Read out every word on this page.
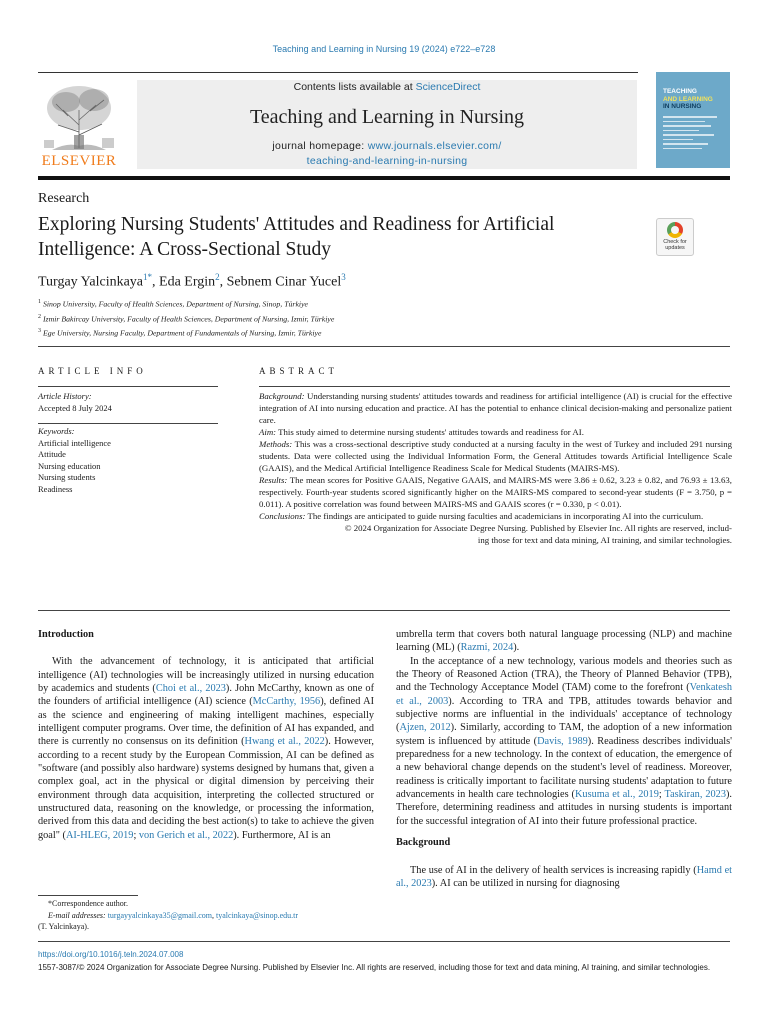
Teaching and Learning in Nursing 19 (2024) e722–e728
ELSEVIER
Contents lists available at ScienceDirect
Teaching and Learning in Nursing
journal homepage: www.journals.elsevier.com/
teaching-and-learning-in-nursing
TEACHING
AND LEARNING
IN NURSING
Research
Exploring Nursing Students' Attitudes and Readiness for Artificial Intelligence: A Cross-Sectional Study	Check for updates
Turgay Yalcinkaya$^{1*}$, Eda Ergin$^2$, Sebnem Cinar Yucel$^3$
$^1$ Sinop University, Faculty of Health Sciences, Department of Nursing, Sinop, Türkiye
$^2$ Izmir Bakircay University, Faculty of Health Sciences, Department of Nursing, Izmir, Türkiye
$^3$ Ege University, Nursing Faculty, Department of Fundamentals of Nursing, Izmir, Türkiye
ARTICLE INFO	ABSTRACT
Article History:
Accepted 8 July 2024
Keywords:
Artificial intelligence
Attitude
Nursing education
Nursing students
Readiness

Background: Understanding nursing students' attitudes towards and readiness for artificial intelligence (AI) is crucial for the effective integration of AI into nursing education and practice. AI has the potential to enhance clinical decision-making and personalize patient care.

Aim: This study aimed to determine nursing students' attitudes towards and readiness for AI.

Methods: This was a cross-sectional descriptive study conducted at a nursing faculty in the west of Turkey and included 291 nursing students. Data were collected using the Individual Information Form, the General Attitudes towards Artificial Intelligence Scale (GAAIS), and the Medical Artificial Intelligence Readiness Scale for Medical Students (MAIRS-MS).

Results: The mean scores for Positive GAAIS, Negative GAAIS, and MAIRS-MS were 3.86 ± 0.62, 3.23 ± 0.82, and 76.93 ± 13.63, respectively. Fourth-year students scored significantly higher on the MAIRS-MS compared to second-year students (F = 3.750, p = 0.011). A positive correlation was found between MAIRS-MS and GAAIS scores (r = 0.330, p < 0.01).

Conclusions: The findings are anticipated to guide nursing faculties and academicians in incorporating AI into the curriculum.

© 2024 Organization for Associate Degree Nursing. Published by Elsevier Inc. All rights are reserved, includ-
ing those for text and data mining, AI training, and similar technologies.

Introduction

With the advancement of technology, it is anticipated that artificial intelligence (AI) technologies will be increasingly utilized in nursing education by academics and students (Choi et al., 2023). John McCarthy, known as one of the founders of artificial intelligence (AI) science (McCarthy, 1956), defined AI as the science and engineering of making intelligent machines, especially intelligent computer programs. Over time, the definition of AI has expanded, and there is currently no consensus on its definition (Hwang et al., 2022). However, according to a recent study by the European Commission, AI can be defined as "software (and possibly also hardware) systems designed by humans that, given a complex goal, act in the physical or digital dimension by perceiving their environment through data acquisition, interpreting the collected structured or unstructured data, reasoning on the knowledge, or processing the information, derived from this data and deciding the best action(s) to take to achieve the given goal" (AI-HLEG, 2019; von Gerich et al., 2022). Furthermore, AI is an

umbrella term that covers both natural language processing (NLP) and machine learning (ML) (Razmi, 2024).

In the acceptance of a new technology, various models and theories such as the Theory of Reasoned Action (TRA), the Theory of Planned Behavior (TPB), and the Technology Acceptance Model (TAM) come to the forefront (Venkatesh et al., 2003). According to TRA and TPB, attitudes towards behavior and subjective norms are influential in the individuals' acceptance of technology (Ajzen, 2012). Similarly, according to TAM, the adoption of a new information system is influenced by attitude (Davis, 1989). Readiness describes individuals' preparedness for a new technology. In the context of education, the emergence of a new behavioral change depends on the student's level of readiness. Moreover, readiness is critically important to facilitate nursing students' adaptation to future advancements in health care technologies (Kusuma et al., 2019; Taskiran, 2023). Therefore, determining readiness and attitudes in nursing students is important for the successful integration of AI into their future professional practice.

Background

The use of AI in the delivery of health services is increasing rapidly (Hamd et al., 2023). AI can be utilized in nursing for diagnosing

*Correspondence author.
E-mail addresses: turgayyalcinkaya35@gmail.com, tyalcinkaya@sinop.edu.tr
(T. Yalcinkaya).
https://doi.org/10.1016/j.teln.2024.07.008
1557-3087/© 2024 Organization for Associate Degree Nursing. Published by Elsevier Inc. All rights are reserved, including those for text and data mining, AI training, and similar technologies.
